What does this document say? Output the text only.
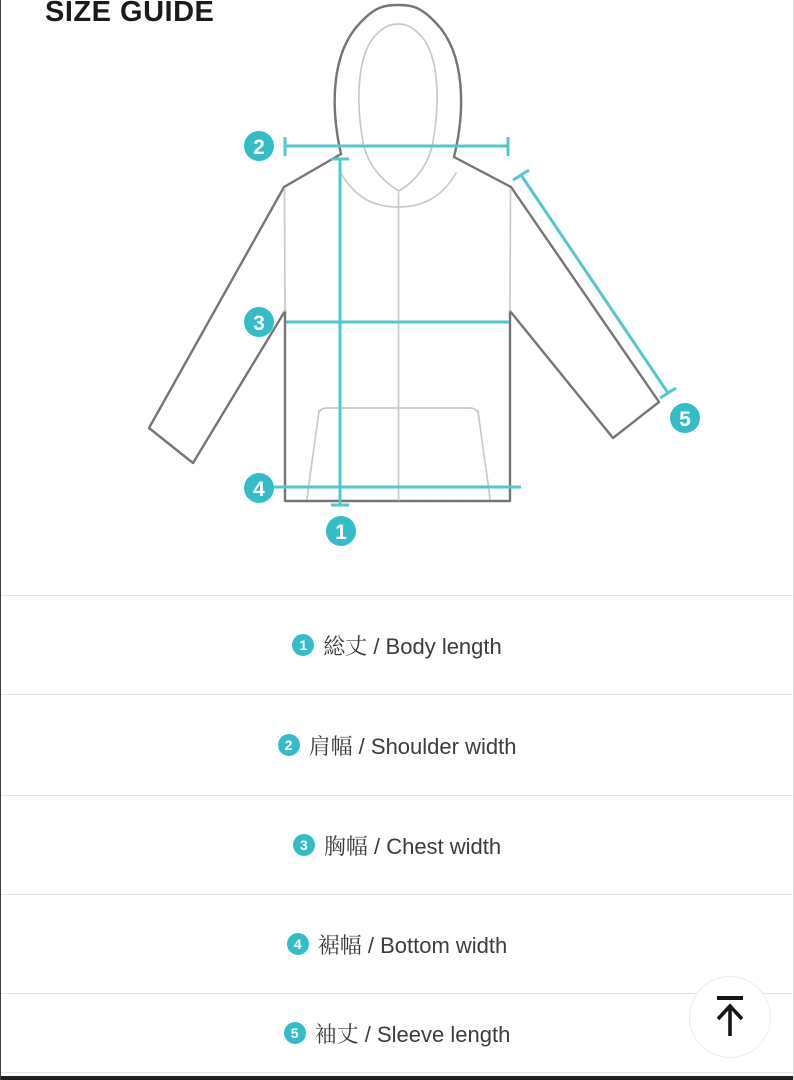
SIZE GUIDE
2
3
4
1
5
1 総丈 / Body length
2 肩幅 / Shoulder width
3 胸幅 / Chest width
4 裾幅 / Bottom width
5 袖丈 / Sleeve length
